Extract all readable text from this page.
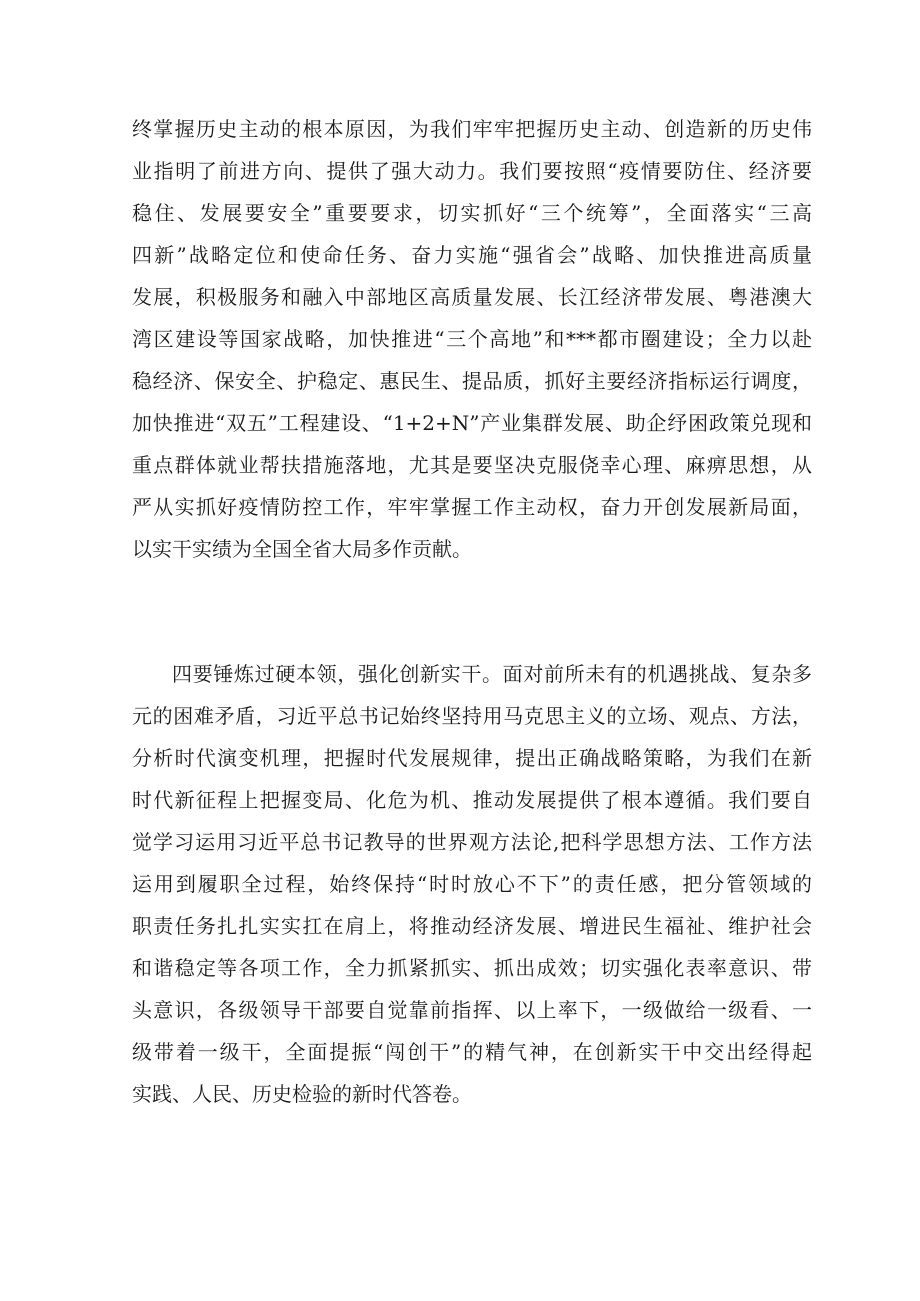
终掌握历史主动的根本原因，为我们牢牢把握历史主动、创造新的历史伟
业指明了前进方向、提供了强大动力。我们要按照“疫情要防住、经济要
稳住、发展要安全”重要要求，切实抓好“三个统筹”，全面落实“三高
四新”战略定位和使命任务、奋力实施“强省会”战略、加快推进高质量
发展，积极服务和融入中部地区高质量发展、长江经济带发展、粤港澳大
湾区建设等国家战略，加快推进“三个高地”和***都市圈建设；全力以赴
稳经济、保安全、护稳定、惠民生、提品质，抓好主要经济指标运行调度，
加快推进“双五”工程建设、“1+2+N”产业集群发展、助企纾困政策兑现和
重点群体就业帮扶措施落地，尤其是要坚决克服侥幸心理、麻痹思想，从
严从实抓好疫情防控工作，牢牢掌握工作主动权，奋力开创发展新局面，
以实干实绩为全国全省大局多作贡献。
四要锤炼过硬本领，强化创新实干。面对前所未有的机遇挑战、复杂多
元的困难矛盾，习近平总书记始终坚持用马克思主义的立场、观点、方法，
分析时代演变机理，把握时代发展规律，提出正确战略策略，为我们在新
时代新征程上把握变局、化危为机、推动发展提供了根本遵循。我们要自
觉学习运用习近平总书记教导的世界观方法论,把科学思想方法、工作方法
运用到履职全过程，始终保持“时时放心不下”的责任感，把分管领域的
职责任务扎扎实实扛在肩上，将推动经济发展、增进民生福祉、维护社会
和谐稳定等各项工作，全力抓紧抓实、抓出成效；切实强化表率意识、带
头意识，各级领导干部要自觉靠前指挥、以上率下，一级做给一级看、一
级带着一级干，全面提振“闯创干”的精气神，在创新实干中交出经得起
实践、人民、历史检验的新时代答卷。
